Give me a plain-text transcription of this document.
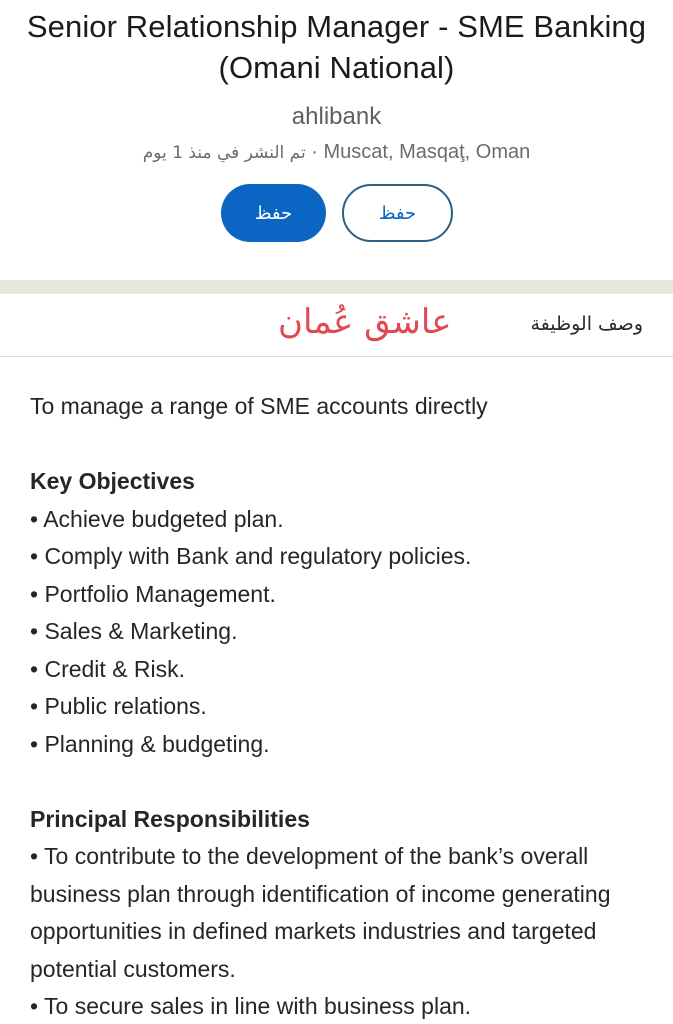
Senior Relationship Manager - SME Banking (Omani National)
ahlibank
تم النشر في منذ 1 يوم · Muscat, Masqaţ, Oman
حفظ	حفظ
عاشق عُمان	وصف الوظيفة

To manage a range of SME accounts directly

Key Objectives

• Achieve budgeted plan.

• Comply with Bank and regulatory policies.

• Portfolio Management.

• Sales & Marketing.

• Credit & Risk.

• Public relations.

• Planning & budgeting.

Principal Responsibilities

• To contribute to the development of the bank’s overall business plan through identification of income generating opportunities in defined markets industries and targeted potential customers.

• To secure sales in line with business plan.
